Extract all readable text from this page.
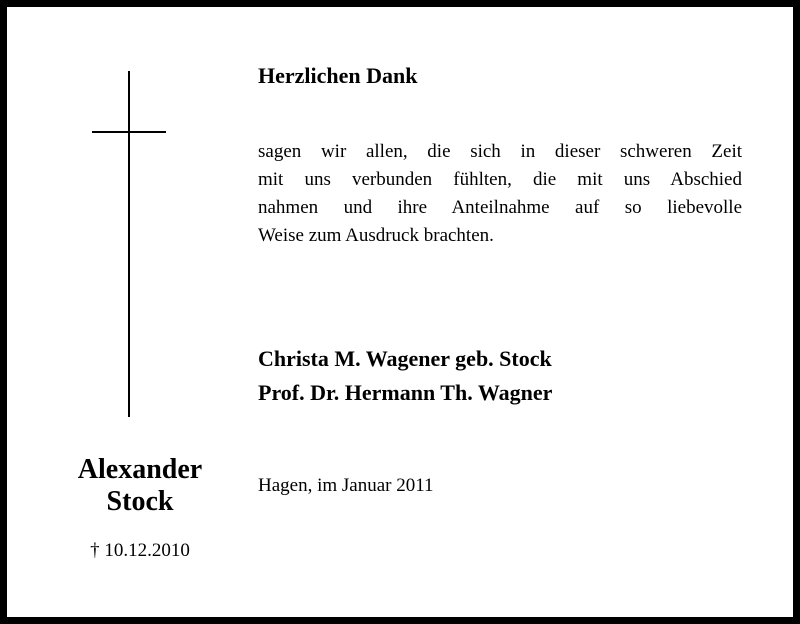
Alexander
Stock
† 10.12.2010
Herzlichen Dank
sagen wir allen, die sich in dieser schweren Zeit
mit uns verbunden fühlten, die mit uns Abschied
nahmen und ihre Anteilnahme auf so liebevolle
Weise zum Ausdruck brachten.
Christa M. Wagener geb. Stock
Prof. Dr. Hermann Th. Wagner
Hagen, im Januar 2011
